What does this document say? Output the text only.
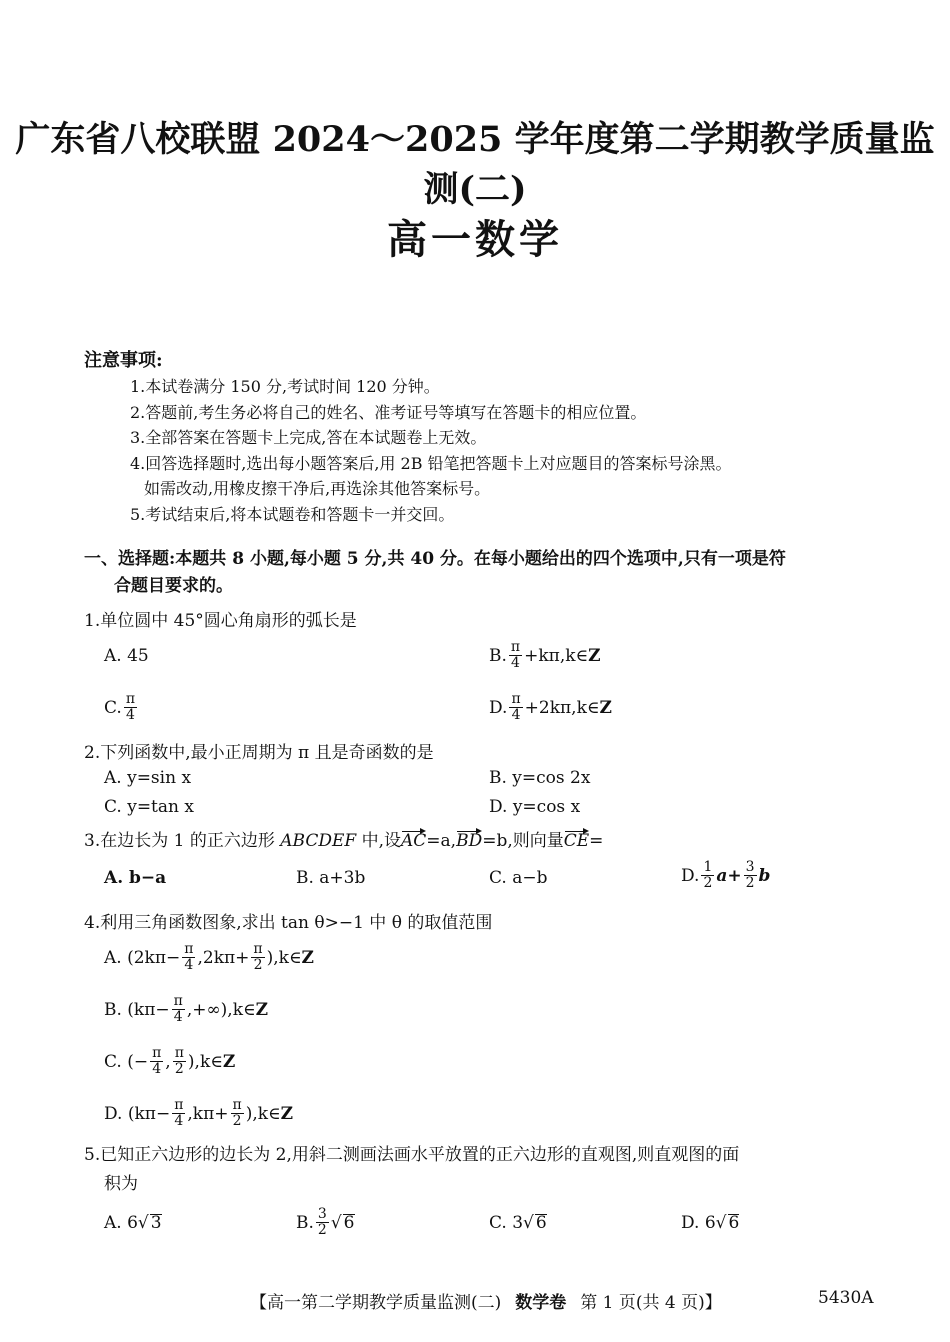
广东省八校联盟 2024～2025 学年度第二学期教学质量监测(二)
高一数学
注意事项:
1.本试卷满分 150 分,考试时间 120 分钟。
2.答题前,考生务必将自己的姓名、准考证号等填写在答题卡的相应位置。
3.全部答案在答题卡上完成,答在本试题卷上无效。
4.回答选择题时,选出每小题答案后,用 2B 铅笔把答题卡上对应题目的答案标号涂黑。
如需改动,用橡皮擦干净后,再选涂其他答案标号。
5.考试结束后,将本试题卷和答题卡一并交回。
一、选择题:本题共 8 小题,每小题 5 分,共 40 分。在每小题给出的四个选项中,只有一项是符
合题目要求的。
1.单位圆中 45°圆心角扇形的弧长是
A. 45	B. $\frac{\pi}{4}$ +kπ,k∈ Z
C. $\frac{\pi}{4}$	D. $\frac{\pi}{4}$ +2kπ,k∈ Z
2.下列函数中,最小正周期为 π 且是奇函数的是
A. y=sin x	B. y=cos 2x
C. y=tan x	D. y=cos x
3.在边长为 1 的正六边形 ABCDEF 中,设AC=a,BD=b,则向量CE=
A. b−a	B. a+3b	C. a−b	D. $\frac{1}{2} a+ \frac{3}{2}$ b
4.利用三角函数图象,求出 tan θ>−1 中 θ 的取值范围
A. ($2k\pi- \frac{\pi}{4} ,2k\pi+ \frac{\pi}{2}$ ),k∈ Z
B. ($k\pi- \frac{\pi}{4}$ ,+∞),k∈ Z
C. (− $\frac{\pi}{4}$ , $\frac{\pi}{2}$ ),k∈ Z
D. ($k\pi- \frac{\pi}{4} ,k\pi+ \frac{\pi}{2}$ ),k∈ Z
5.已知正六边形的边长为 2,用斜二测画法画水平放置的正六边形的直观图,则直观图的面
积为
A. 6 √ 3	B. $\frac{3}{2}$ √ 6	C. 3 √ 6	D. 6 √ 6
【高一第二学期教学质量监测(二) 数学卷 第 1 页(共 4 页)】	5430A
